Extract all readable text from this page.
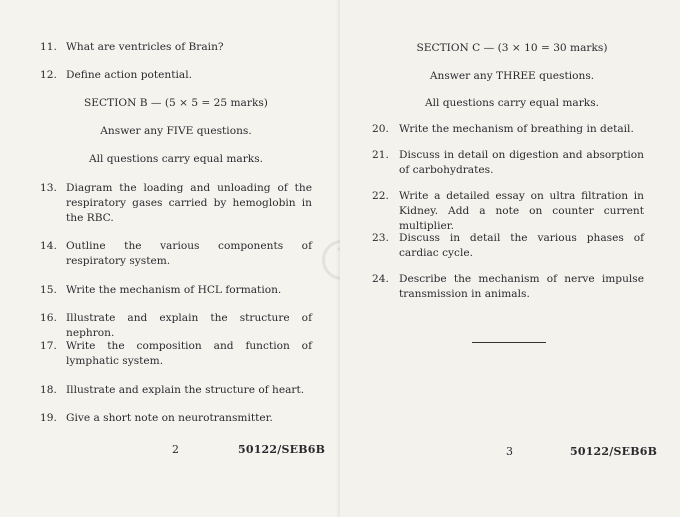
11. What are ventricles of Brain?
12. Define action potential.
SECTION B — (5 × 5 = 25 marks)
Answer any FIVE questions.
All questions carry equal marks.
13. Diagram the loading and unloading of the respiratory gases carried by hemoglobin in the RBC.
14. Outline the various components of respiratory system.
15. Write the mechanism of HCL formation.
16. Illustrate and explain the structure of nephron.
17. Write the composition and function of lymphatic system.
18. Illustrate and explain the structure of heart.
19. Give a short note on neurotransmitter.
2	50122/SEB6B
SECTION C — (3 × 10 = 30 marks)
Answer any THREE questions.
All questions carry equal marks.
20. Write the mechanism of breathing in detail.
21. Discuss in detail on digestion and absorption of carbohydrates.
22. Write a detailed essay on ultra filtration in Kidney. Add a note on counter current multiplier.
23. Discuss in detail the various phases of cardiac cycle.
24. Describe the mechanism of nerve impulse transmission in animals.
3	50122/SEB6B
